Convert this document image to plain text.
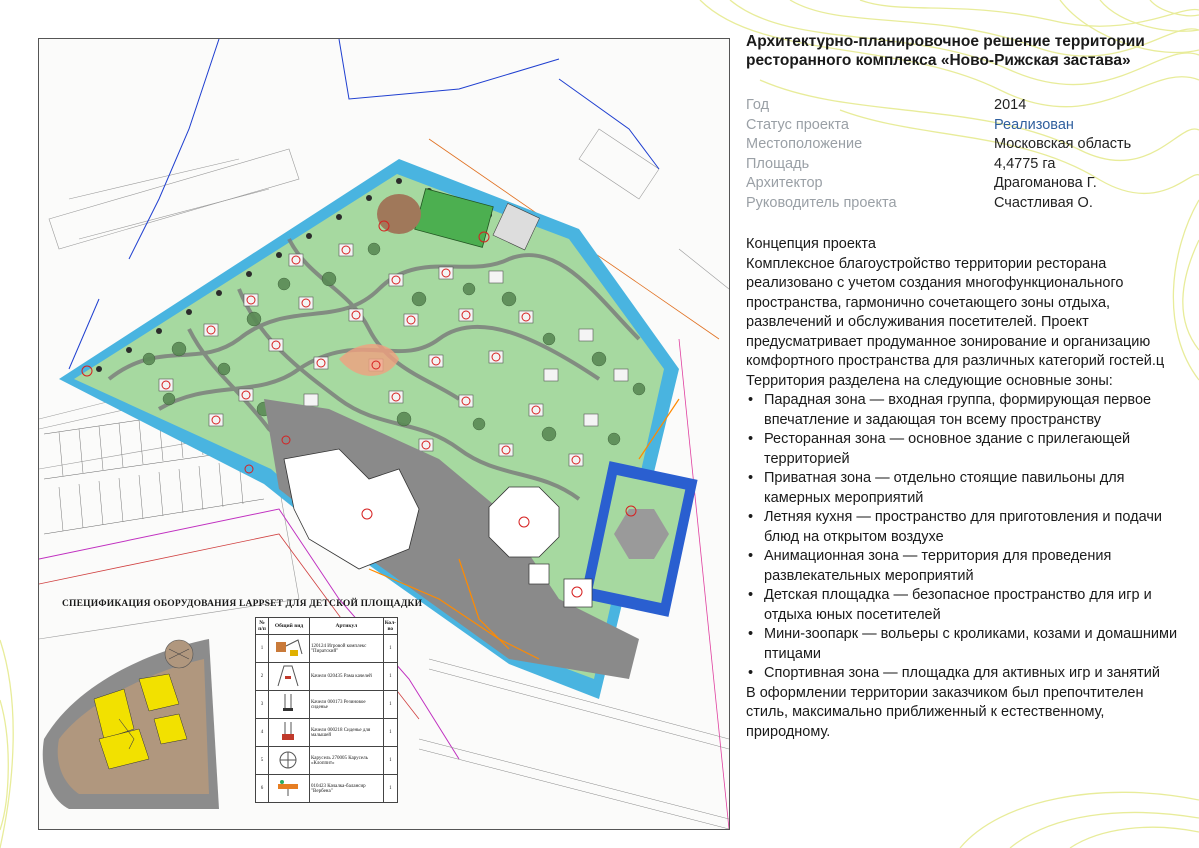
СПЕЦИФИКАЦИЯ ОБОРУДОВАНИЯ LAPPSET ДЛЯ ДЕТСКОЙ ПЛОЩАДКИ
№ п/п	Общий вид	Артикул	Кол-во
1		120124 Игровой комплекс "Пиратский"	1
2		Качели 020435 Рама качелей	1
3		Качели 000173 Резиновое сиденье	1
4		Качели 000218 Сиденье для малышей	1
5		Карусель 270005 Карусель «Клоппит»	1
6		010423 Качалка-балансир "Вербена"	1
Архитектурно-планировочное решение территории ресторанного комплекса «Ново-Рижская застава»
Год	2014
Статус проекта	Реализован
Местоположение	Московская область
Площадь	4,4775 га
Архитектор	Драгоманова Г.
Руководитель проекта	Счастливая О.

Концепция проекта

Комплексное благоустройство территории ресторана реализовано с учетом создания многофункционального пространства, гармонично сочетающего зоны отдыха, развлечений и обслуживания посетителей. Проект предусматривает продуманное зонирование и организацию комфортного пространства для различных категорий гостей.ц

Территория разделена на следующие основные зоны:

• Парадная зона — входная группа, формирующая первое впечатление и задающая тон всему пространству
• Ресторанная зона — основное здание с прилегающей территорией
• Приватная зона — отдельно стоящие павильоны для камерных мероприятий
• Летняя кухня — пространство для приготовления и подачи блюд на открытом воздухе
• Анимационная зона — территория для проведения развлекательных мероприятий
• Детская площадка — безопасное пространство для игр и отдыха юных посетителей
• Мини-зоопарк — вольеры с кроликами, козами и домашними птицами
• Спортивная зона — площадка для активных игр и занятий

В оформлении территории заказчиком был препочтителен стиль, максимально приближенный к естественному, природному.
